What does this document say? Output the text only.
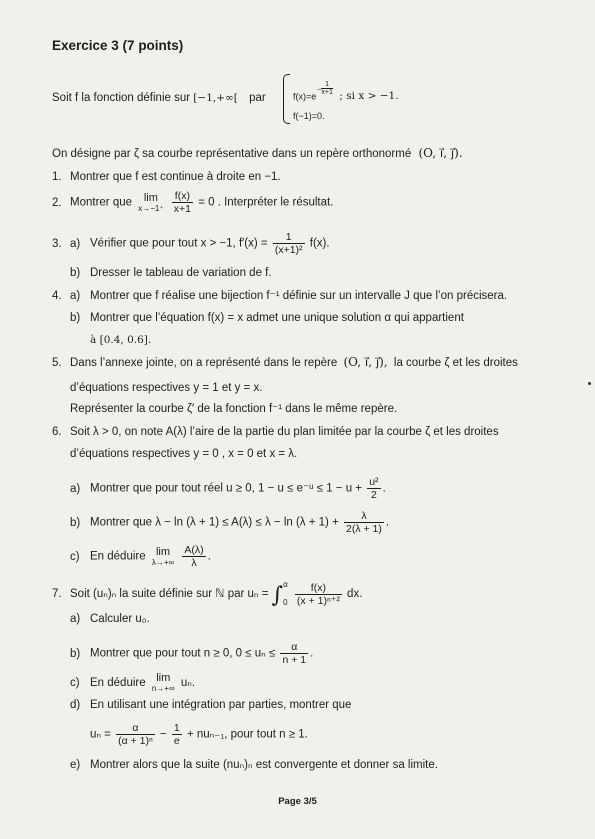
Exercice 3 (7 points)
Soit f la fonction définie sur [−1,+∞[ par	$f(x)=e- \frac{1}{x+1}$ ; si x > −1.
f(−1)=0.
On désigne par ζ sa courbe représentative dans un repère orthonormé (O, i⃗, j⃗).
1. Montrer que f est continue à droite en −1.
2. Montrer que	lim
x→−1⁺
$\frac{f(x)}{x+1} = 0$ . Interpréter le résultat.
3. a) Vérifier que pour tout x > −1, $f'(x) = \frac{1}{\text{(x+1)²}} f(x)$.
b) Dresser le tableau de variation de f.
4. a) Montrer que f réalise une bijection f⁻¹ définie sur un intervalle J que l’on précisera.
b) Montrer que l’équation f(x) = x admet une unique solution α qui appartient
à [0.4, 0.6].
5. Dans l’annexe jointe, on a représenté dans le repère (O, i⃗, j⃗), la courbe ζ et les droites
d’équations respectives y = 1 et y = x.
Représenter la courbe ζ′ de la fonction f⁻¹ dans le même repère.
6. Soit λ > 0, on note A(λ) l’aire de la partie du plan limitée par la courbe ζ et les droites
d’équations respectives y = 0 , x = 0 et x = λ.
a) Montrer que pour tout réel u ≥ 0, 1 − u ≤ e⁻ᵘ ≤ $1 - u + \frac{\text{u²}}{2}$ .
b) Montrer que $\lambda - \ln (\lambda + 1) \le A(\lambda) \le \lambda - \ln (\lambda + 1) + \frac{\lambda}{2(\lambda + 1)}$ .
c) En déduire lim
λ→+∞
$\frac{A(\lambda)}{\lambda}$ .
7. Soit (uₙ)ₙ la suite définie sur ℕ par uₙ = ∫ α
0
$\frac{f(x)}{\text{(x + 1)ⁿ⁺²}}$ dx.
a) Calculer u₀.
b) Montrer que pour tout n ≥ 0, $0 \le u_n \le \frac{\alpha}{n + 1}$ .
c) En déduire lim
n→+∞ uₙ.
d) En utilisant une intégration par parties, montrer que
$u_n = \frac{\alpha}{\text{(α + 1)ⁿ}} - \frac{1}{e} + nu_{n-1}$, pour tout n ≥ 1.
e) Montrer alors que la suite (nuₙ)ₙ est convergente et donner sa limite.
Page 3/5
